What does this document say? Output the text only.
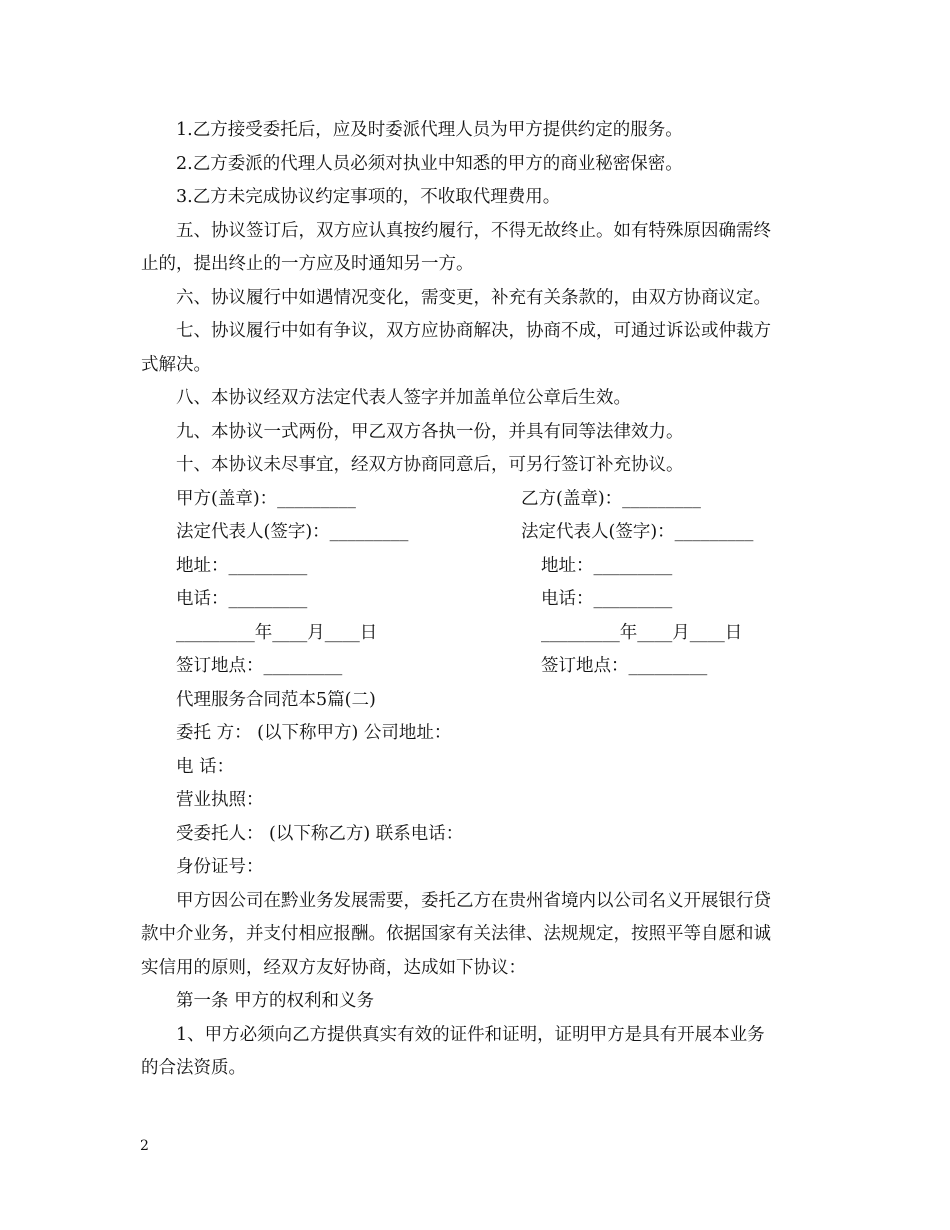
1.乙方接受委托后，应及时委派代理人员为甲方提供约定的服务。
2.乙方委派的代理人员必须对执业中知悉的甲方的商业秘密保密。
3.乙方未完成协议约定事项的，不收取代理费用。
五、协议签订后，双方应认真按约履行，不得无故终止。如有特殊原因确需终
止的，提出终止的一方应及时通知另一方。
六、协议履行中如遇情况变化，需变更，补充有关条款的，由双方协商议定。
七、协议履行中如有争议，双方应协商解决，协商不成，可通过诉讼或仲裁方
式解决。
八、本协议经双方法定代表人签字并加盖单位公章后生效。
九、本协议一式两份，甲乙双方各执一份，并具有同等法律效力。
十、本协议未尽事宜，经双方协商同意后，可另行签订补充协议。
甲方(盖章)：_________	乙方(盖章)：_________
法定代表人(签字)：_________	法定代表人(签字)：_________
地址：_________	地址：_________
电话：_________	电话：_________
_________年____月____日	_________年____月____日
签订地点：_________	签订地点：_________
代理服务合同范本5篇(二)
委托 方： (以下称甲方) 公司地址：
电 话：
营业执照：
受委托人： (以下称乙方) 联系电话：
身份证号：
甲方因公司在黔业务发展需要，委托乙方在贵州省境内以公司名义开展银行贷
款中介业务，并支付相应报酬。依据国家有关法律、法规规定，按照平等自愿和诚
实信用的原则，经双方友好协商，达成如下协议：
第一条 甲方的权利和义务
1、甲方必须向乙方提供真实有效的证件和证明，证明甲方是具有开展本业务
的合法资质。
2
